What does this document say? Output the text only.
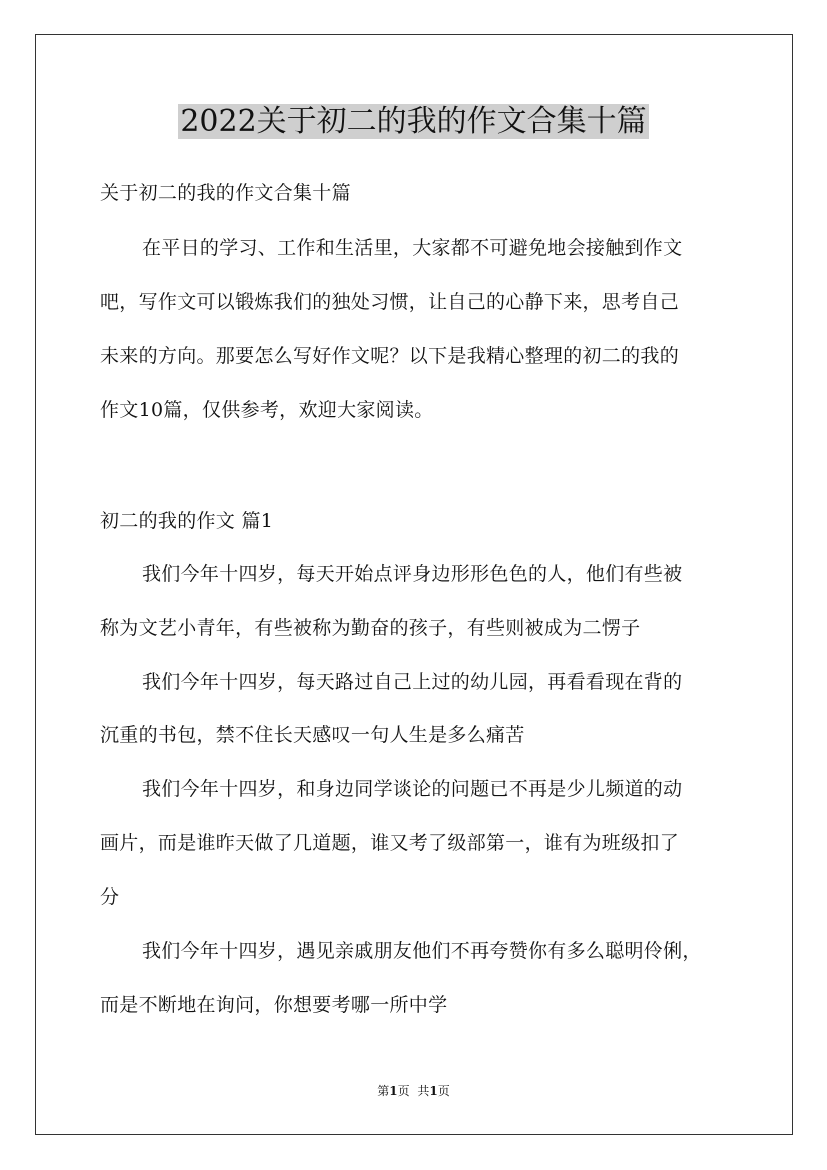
2022关于初二的我的作文合集十篇

关于初二的我的作文合集十篇

在平日的学习、工作和生活里，大家都不可避免地会接触到作文

吧，写作文可以锻炼我们的独处习惯，让自己的心静下来，思考自己

未来的方向。那要怎么写好作文呢？以下是我精心整理的初二的我的

作文10篇，仅供参考，欢迎大家阅读。

初二的我的作文 篇1

我们今年十四岁，每天开始点评身边形形色色的人，他们有些被

称为文艺小青年，有些被称为勤奋的孩子，有些则被成为二愣子

我们今年十四岁，每天路过自己上过的幼儿园，再看看现在背的

沉重的书包，禁不住长天感叹一句人生是多么痛苦

我们今年十四岁，和身边同学谈论的问题已不再是少儿频道的动

画片，而是谁昨天做了几道题，谁又考了级部第一，谁有为班级扣了

分

我们今年十四岁，遇见亲戚朋友他们不再夸赞你有多么聪明伶俐，

而是不断地在询问，你想要考哪一所中学

第1页 共1页
